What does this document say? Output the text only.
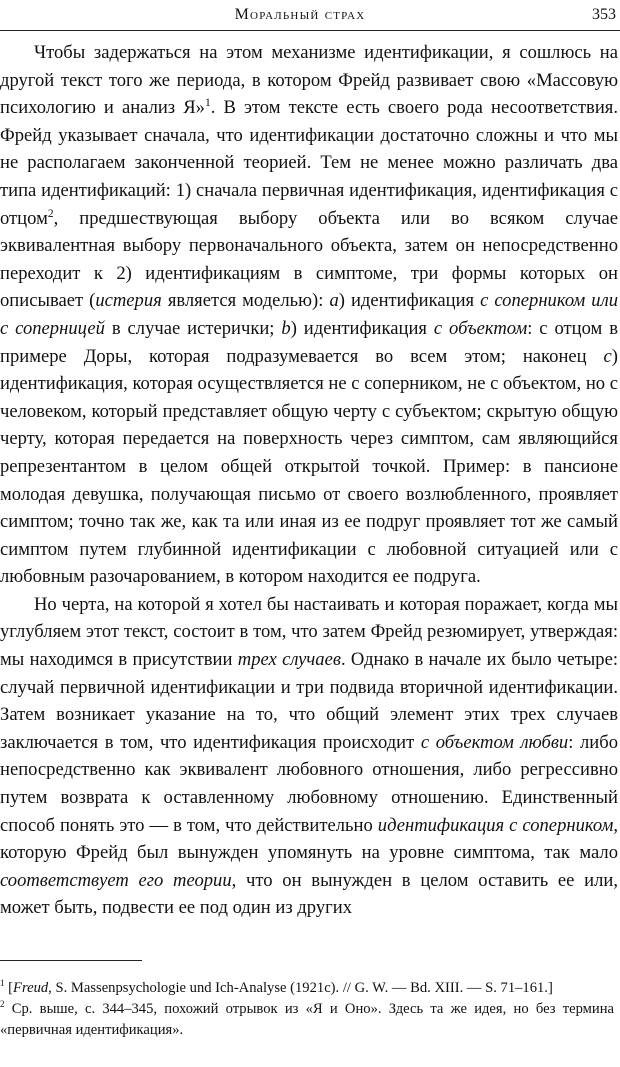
Моральный страх	353

Чтобы задержаться на этом механизме идентификации, я сошлюсь на другой текст того же периода, в котором Фрейд развивает свою «Массовую психологию и анализ Я»$^1$. В этом тексте есть своего рода несоответствия. Фрейд указывает сначала, что идентификации достаточно сложны и что мы не располагаем законченной теорией. Тем не менее можно различать два типа идентификаций: 1) сначала первичная идентификация, идентификация с отцом$^2$, предшествующая выбору объекта или во всяком случае эквивалентная выбору первоначального объекта, затем он непосредственно переходит к 2) идентификациям в симптоме, три формы которых он описывает (истерия является моделью): a) идентификация с соперником или с соперницей в случае истерички; b) идентификация с объектом: с отцом в примере Доры, которая подразумевается во всем этом; наконец c) идентификация, которая осуществляется не с соперником, не с объектом, но с человеком, который представляет общую черту с субъектом; скрытую общую черту, которая передается на поверхность через симптом, сам являющийся репрезентантом в целом общей открытой точкой. Пример: в пансионе молодая девушка, получающая письмо от своего возлюбленного, проявляет симптом; точно так же, как та или иная из ее подруг проявляет тот же самый симптом путем глубинной идентификации с любовной ситуацией или с любовным разочарованием, в котором находится ее подруга.

Но черта, на которой я хотел бы настаивать и которая поражает, когда мы углубляем этот текст, состоит в том, что затем Фрейд резюмирует, утверждая: мы находимся в присутствии трех случаев. Однако в начале их было четыре: случай первичной идентификации и три подвида вторичной идентификации. Затем возникает указание на то, что общий элемент этих трех случаев заключается в том, что идентификация происходит с объектом любви: либо непосредственно как эквивалент любовного отношения, либо регрессивно путем возврата к оставленному любовному отношению. Единственный способ понять это — в том, что действительно идентификация с соперником, которую Фрейд был вынужден упомянуть на уровне симптома, так мало соответствует его теории, что он вынужден в целом оставить ее или, может быть, подвести ее под один из других

$^1$ [Freud, S. Massenpsychologie und Ich-Analyse (1921c). // G. W. — Bd. XIII. — S. 71–161.]

$^2$ Ср. выше, с. 344–345, похожий отрывок из «Я и Оно». Здесь та же идея, но без термина «первичная идентификация».
